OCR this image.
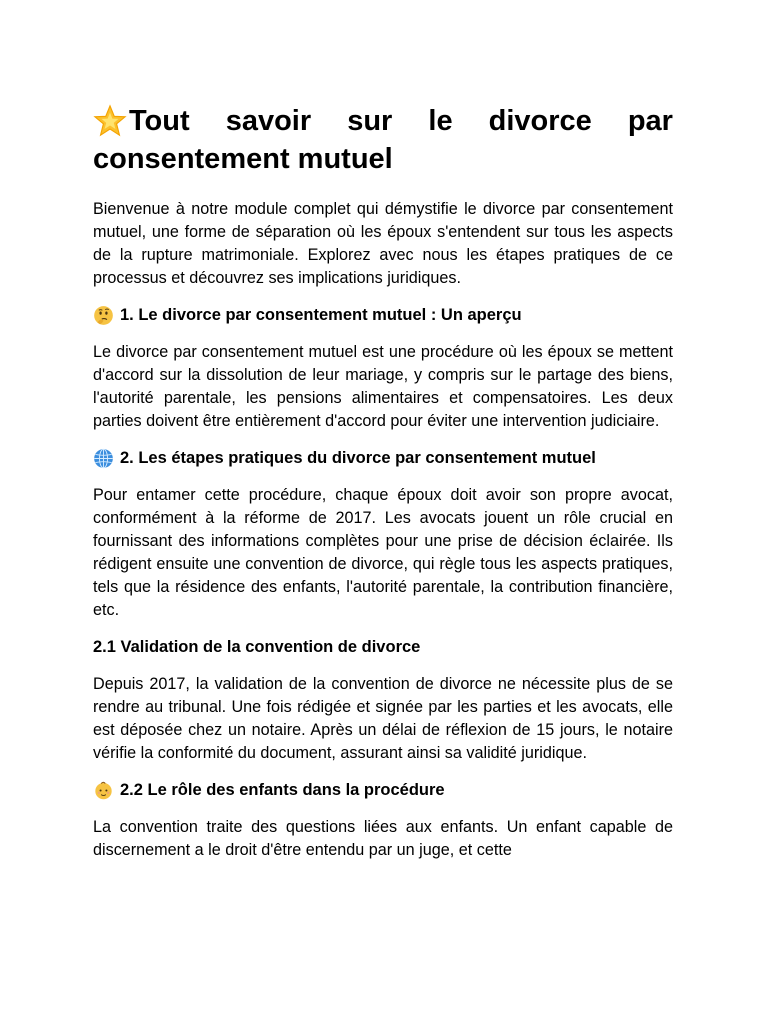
Tout savoir sur le divorce par
consentement mutuel

Bienvenue à notre module complet qui démystifie le divorce par consentement mutuel, une forme de séparation où les époux s'entendent sur tous les aspects de la rupture matrimoniale. Explorez avec nous les étapes pratiques de ce processus et découvrez ses implications juridiques.

1. Le divorce par consentement mutuel : Un aperçu

Le divorce par consentement mutuel est une procédure où les époux se mettent d'accord sur la dissolution de leur mariage, y compris sur le partage des biens, l'autorité parentale, les pensions alimentaires et compensatoires. Les deux parties doivent être entièrement d'accord pour éviter une intervention judiciaire.

2. Les étapes pratiques du divorce par consentement mutuel

Pour entamer cette procédure, chaque époux doit avoir son propre avocat, conformément à la réforme de 2017. Les avocats jouent un rôle crucial en fournissant des informations complètes pour une prise de décision éclairée. Ils rédigent ensuite une convention de divorce, qui règle tous les aspects pratiques, tels que la résidence des enfants, l'autorité parentale, la contribution financière, etc.

2.1 Validation de la convention de divorce

Depuis 2017, la validation de la convention de divorce ne nécessite plus de se rendre au tribunal. Une fois rédigée et signée par les parties et les avocats, elle est déposée chez un notaire. Après un délai de réflexion de 15 jours, le notaire vérifie la conformité du document, assurant ainsi sa validité juridique.

2.2 Le rôle des enfants dans la procédure

La convention traite des questions liées aux enfants. Un enfant capable de discernement a le droit d'être entendu par un juge, et cette
